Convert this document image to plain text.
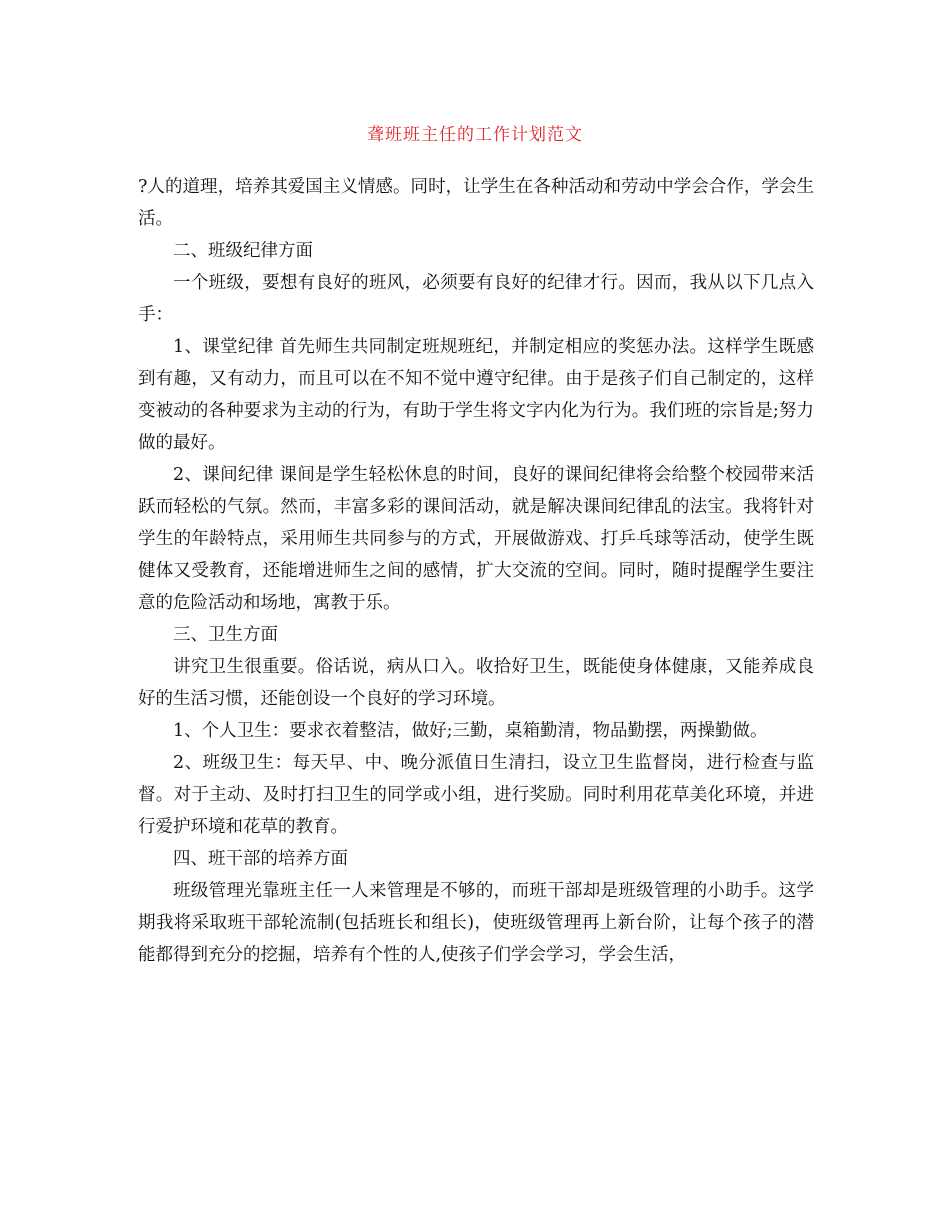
聋班班主任的工作计划范文

?人的道理，培养其爱国主义情感。同时，让学生在各种活动和劳动中学会合作，学会生活。

二、班级纪律方面

一个班级，要想有良好的班风，必须要有良好的纪律才行。因而，我从以下几点入手：

1、课堂纪律 首先师生共同制定班规班纪，并制定相应的奖惩办法。这样学生既感到有趣，又有动力，而且可以在不知不觉中遵守纪律。由于是孩子们自己制定的，这样变被动的各种要求为主动的行为，有助于学生将文字内化为行为。我们班的宗旨是;努力做的最好。

2、课间纪律 课间是学生轻松休息的时间，良好的课间纪律将会给整个校园带来活跃而轻松的气氛。然而，丰富多彩的课间活动，就是解决课间纪律乱的法宝。我将针对学生的年龄特点，采用师生共同参与的方式，开展做游戏、打乒乓球等活动，使学生既健体又受教育，还能增进师生之间的感情，扩大交流的空间。同时，随时提醒学生要注意的危险活动和场地，寓教于乐。

三、卫生方面

讲究卫生很重要。俗话说，病从口入。收拾好卫生，既能使身体健康，又能养成良好的生活习惯，还能创设一个良好的学习环境。

1、个人卫生：要求衣着整洁，做好;三勤，桌箱勤清，物品勤摆，两操勤做。

2、班级卫生：每天早、中、晚分派值日生清扫，设立卫生监督岗，进行检查与监督。对于主动、及时打扫卫生的同学或小组，进行奖励。同时利用花草美化环境，并进行爱护环境和花草的教育。

四、班干部的培养方面

班级管理光靠班主任一人来管理是不够的，而班干部却是班级管理的小助手。这学期我将采取班干部轮流制(包括班长和组长)，使班级管理再上新台阶，让每个孩子的潜能都得到充分的挖掘，培养有个性的人,使孩子们学会学习，学会生活，
